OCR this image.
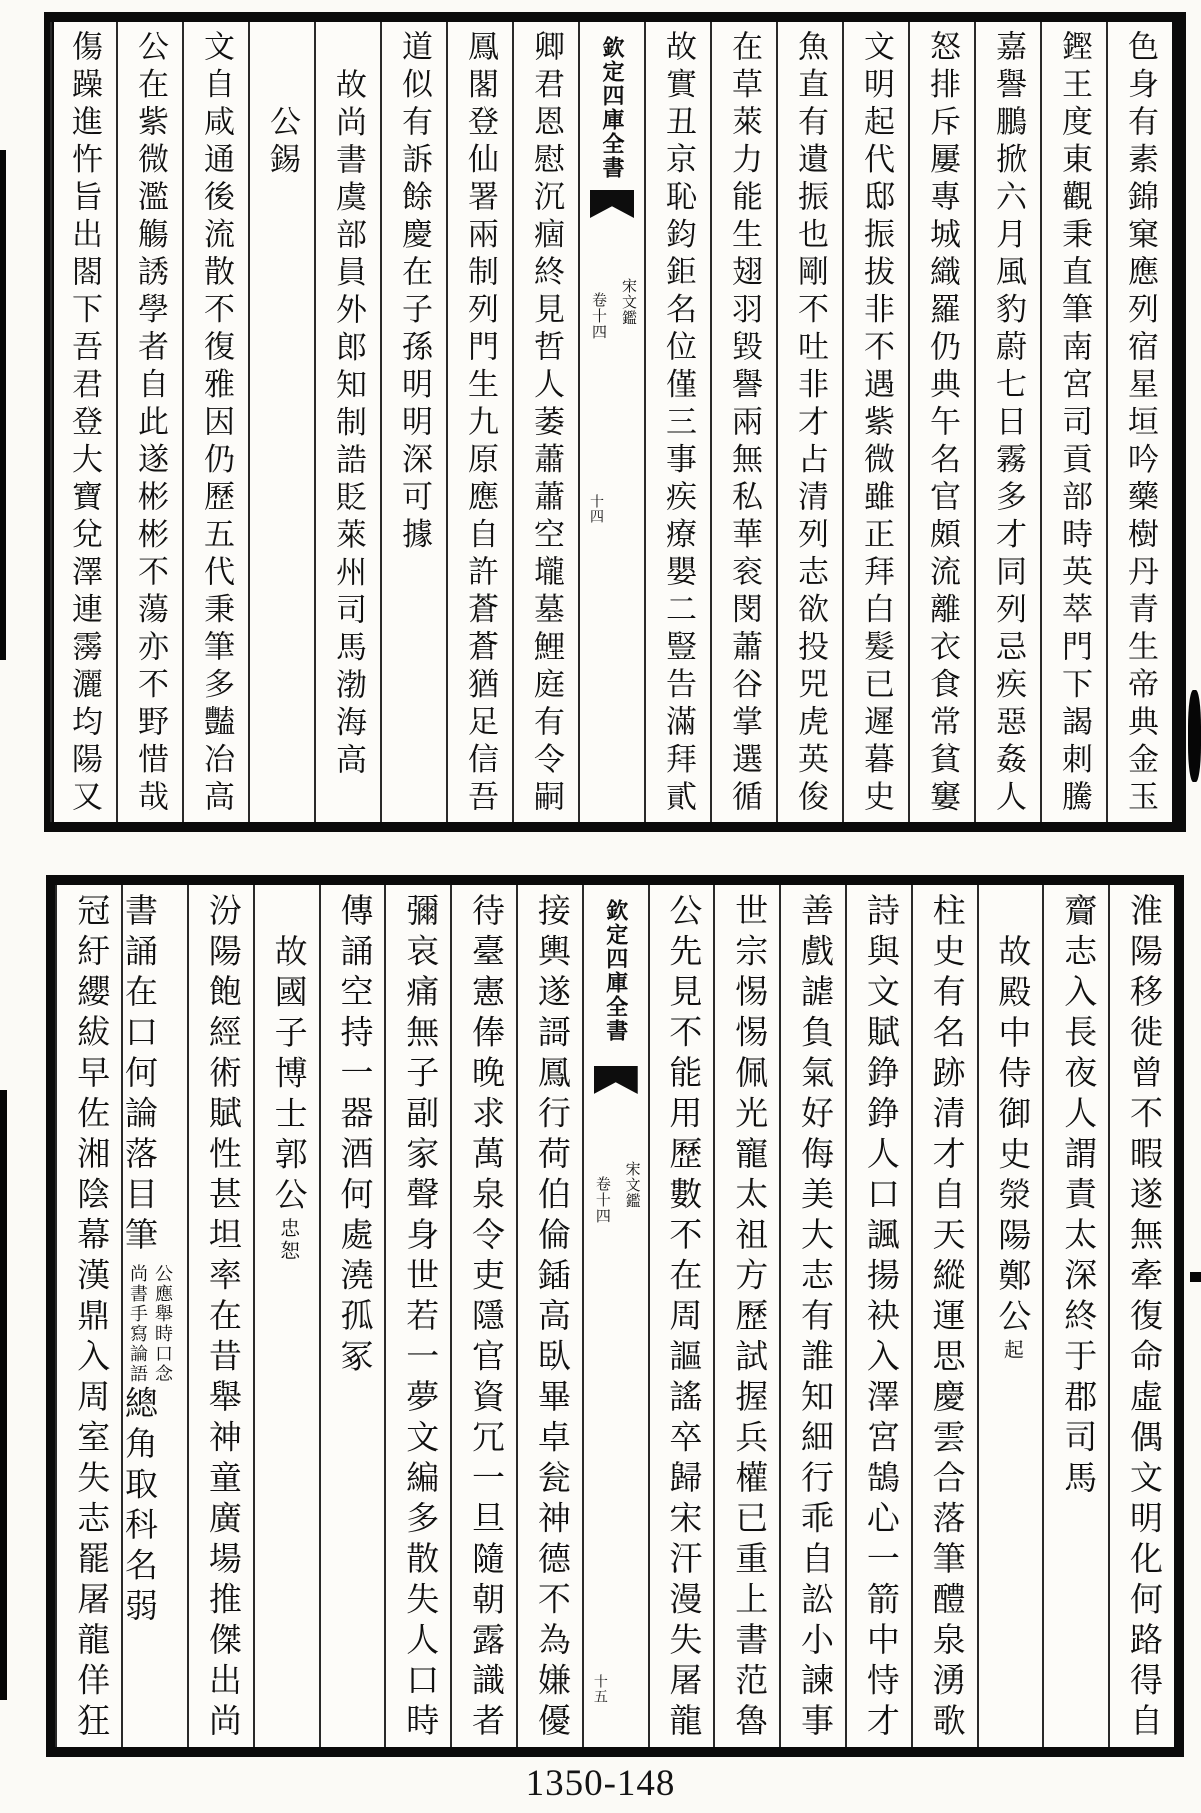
色身有素錦窠應列宿星垣吟藥樹丹青生帝典金玉
鏗王度東觀秉直筆南宮司貢部時英萃門下謁刺騰
嘉譽鵬掀六月風豹蔚七日霧多才同列忌疾惡姦人
怒排斥屢專城織羅仍典午名官頗流離衣食常貧窶
文明起代邸振拔非不遇紫微雖正拜白髮已遲暮史
魚直有遺振也剛不吐非才占清列志欲投兕虎英俊
在草萊力能生翅羽毀譽兩無私華衮閔蕭谷掌選循
故實丑京恥鈞鉅名位僅三事疾療嬰二豎告滿拜貳
欽定四庫全書
宋文鑑
卷十四
十四
卿君恩慰沉痼終見哲人萎蕭蕭空壠墓鯉庭有令嗣
鳳閣登仙署兩制列門生九原應自許蒼蒼猶足信吾
道似有訴餘慶在子孫明明深可據
故尚書虞部員外郎知制誥貶萊州司馬渤海高
公錫
文自咸通後流散不復雅因仍歷五代秉筆多豔冶高
公在紫微濫觴誘學者自此遂彬彬不蕩亦不野惜哉
傷躁進忤旨出閤下吾君登大寶兌澤連霶灑均陽又
淮陽移徙曾不暇遂無牽復命虛偶文明化何路得自
齎志入長夜人謂責太深終于郡司馬
故殿中侍御史滎陽鄭公起
柱史有名跡清才自天縱運思慶雲合落筆醴泉湧歌
詩與文賦錚錚人口諷揚袂入澤宮鵠心一箭中恃才
善戲謔負氣好侮美大志有誰知細行乖自訟小諫事
世宗惕惕佩光寵太祖方歷試握兵權已重上書范魯
公先見不能用歷數不在周謳謠卒歸宋汗漫失屠龍
欽定四庫全書
宋文鑑
卷十四
十五
接輿遂謌鳳行荷伯倫鍤高臥畢卓瓮神德不為嫌優
待臺憲俸晚求萬泉令吏隱官資冗一旦隨朝露識者
彌哀痛無子副家聲身世若一夢文編多散失人口時
傳誦空持一器酒何處澆孤冢
故國子博士郭公忠恕
汾陽飽經術賦性甚坦率在昔舉神童廣場推傑出尚
書誦在口何論落目筆
公應舉時口念
尚書手寫論語
總角取科名弱
冠紆纓紱早佐湘陰幕漢鼎入周室失志罷屠龍佯狂
1350-148
